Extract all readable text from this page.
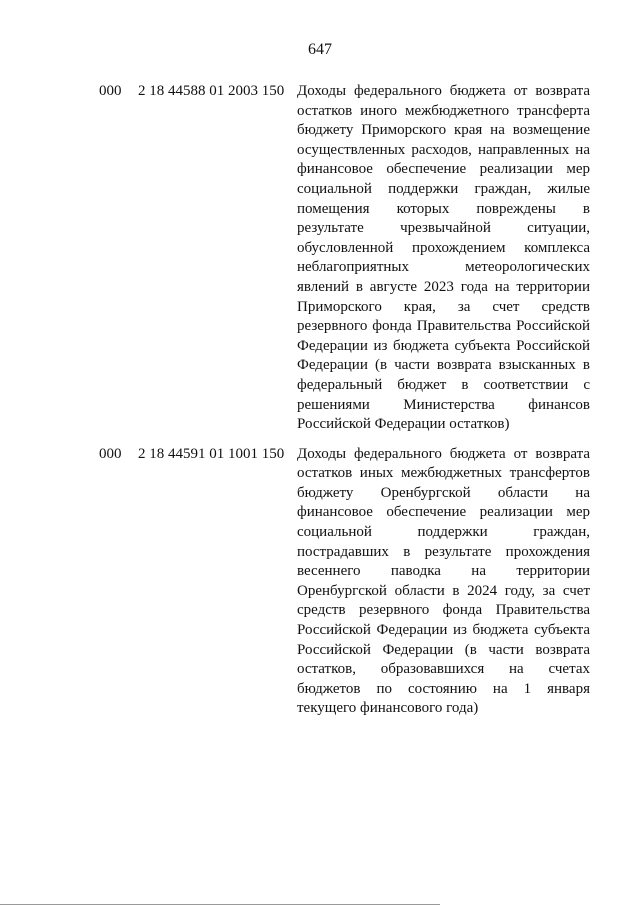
647
000 2 18 44588 01 2003 150 Доходы федерального бюджета от возврата остатков иного межбюджетного трансферта бюджету Приморского края на возмещение осуществленных расходов, направленных на финансовое обеспечение реализации мер социальной поддержки граждан, жилые помещения которых повреждены в результате чрезвычайной ситуации, обусловленной прохождением комплекса неблагоприятных метеорологических явлений в августе 2023 года на территории Приморского края, за счет средств резервного фонда Правительства Российской Федерации из бюджета субъекта Российской Федерации (в части возврата взысканных в федеральный бюджет в соответствии с решениями Министерства финансов Российской Федерации остатков)
000 2 18 44591 01 1001 150 Доходы федерального бюджета от возврата остатков иных межбюджетных трансфертов бюджету Оренбургской области на финансовое обеспечение реализации мер социальной поддержки граждан, пострадавших в результате прохождения весеннего паводка на территории Оренбургской области в 2024 году, за счет средств резервного фонда Правительства Российской Федерации из бюджета субъекта Российской Федерации (в части возврата остатков, образовавшихся на счетах бюджетов по состоянию на 1 января текущего финансового года)
